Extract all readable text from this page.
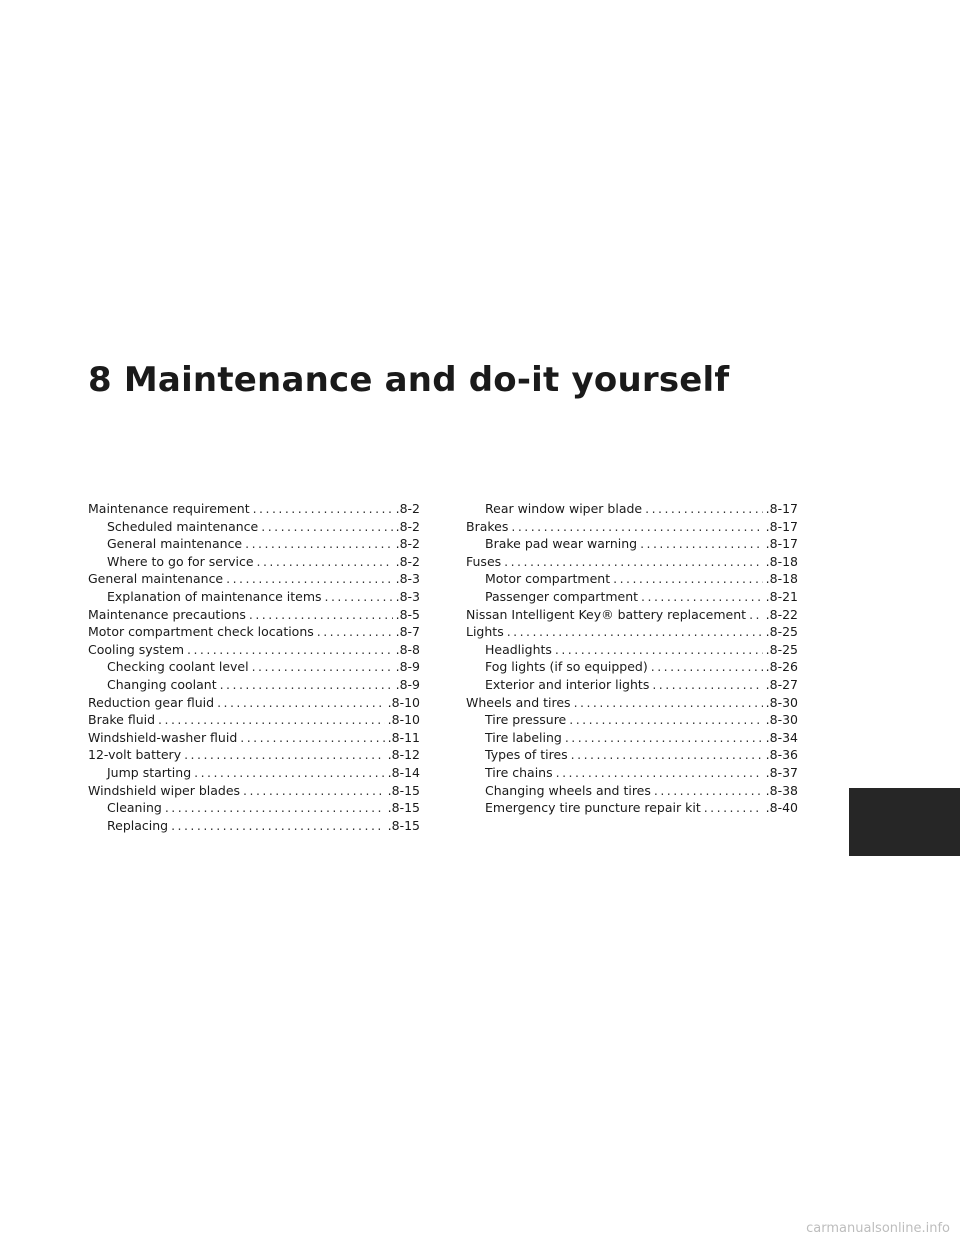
8 Maintenance and do-it yourself
Maintenance requirement . . .	.8-2
Scheduled maintenance . . .	.8-2
General maintenance . . .	.8-2
Where to go for service . . .	.8-2
General maintenance . . .	.8-3
Explanation of maintenance items . . .	.8-3
Maintenance precautions . . .	.8-5
Motor compartment check locations . . .	.8-7
Cooling system . . .	.8-8
Checking coolant level . . .	.8-9
Changing coolant . . .	.8-9
Reduction gear fluid . . .	.8-10
Brake fluid . . .	.8-10
Windshield-washer fluid . . .	.8-11
12-volt battery . . .	.8-12
Jump starting . . .	.8-14
Windshield wiper blades . . .	.8-15
Cleaning . . .	.8-15
Replacing . . .	.8-15
Rear window wiper blade . . .	.8-17
Brakes . . .	.8-17
Brake pad wear warning . . .	.8-17
Fuses . . .	.8-18
Motor compartment . . .	.8-18
Passenger compartment . . .	.8-21
Nissan Intelligent Key® battery replacement . . . .8-22
Lights . . .	.8-25
Headlights . . .	.8-25
Fog lights (if so equipped) . . .	.8-26
Exterior and interior lights . . .	.8-27
Wheels and tires . . .	.8-30
Tire pressure . . .	.8-30
Tire labeling . . .	.8-34
Types of tires . . .	.8-36
Tire chains . . .	.8-37
Changing wheels and tires . . .	.8-38
Emergency tire puncture repair kit . . .	.8-40
carmanualsonline.info
